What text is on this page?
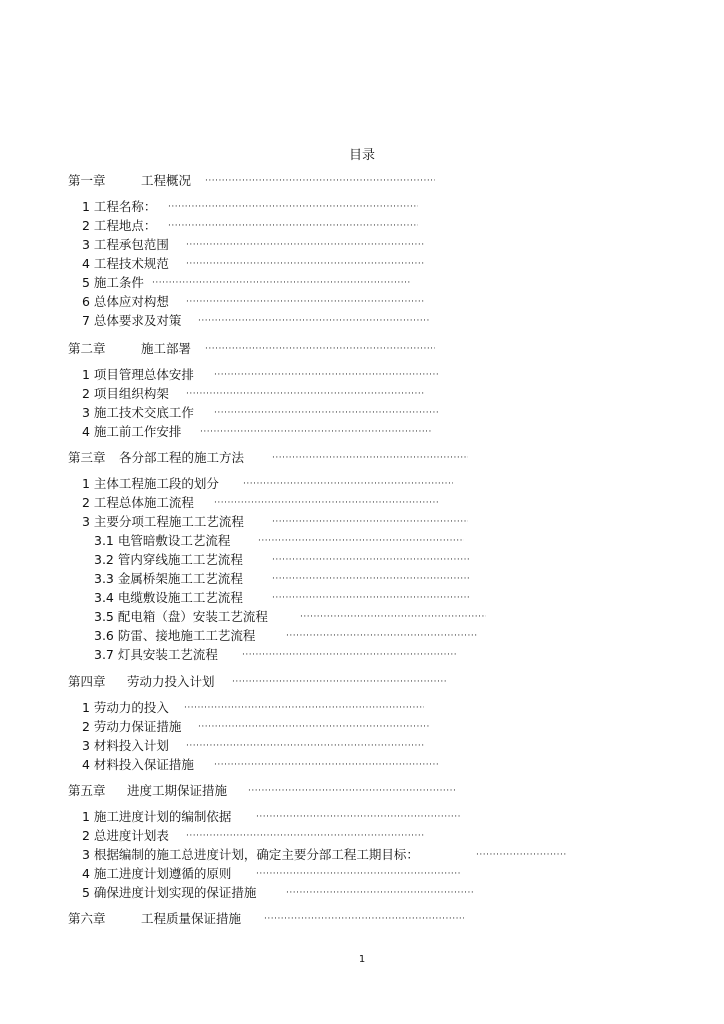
目录
第一章	工程概况
·····
1 工程名称：
·····
2 工程地点：
·····
3 工程承包范围
·····
4 工程技术规范
·····
5 施工条件
·····
6 总体应对构想
·····
7 总体要求及对策
·····
第二章	施工部署
·····
1 项目管理总体安排
·····
2 项目组织构架
·····
3 施工技术交底工作
·····
4 施工前工作安排
·····
第三章 各分部工程的施工方法
·····
1 主体工程施工段的划分
·····
2 工程总体施工流程
·····
3 主要分项工程施工工艺流程
·····
3.1 电管暗敷设工艺流程
·····
3.2 管内穿线施工工艺流程
·····
3.3 金属桥架施工工艺流程
·····
3.4 电缆敷设施工工艺流程
·····
3.5 配电箱（盘）安装工艺流程
·····
3.6 防雷、接地施工工艺流程
·····
3.7 灯具安装工艺流程
·····
第四章 劳动力投入计划
·····
1 劳动力的投入
·····
2 劳动力保证措施
·····
3 材料投入计划
·····
4 材料投入保证措施
·····
第五章 进度工期保证措施
·····
1 施工进度计划的编制依据
·····
2 总进度计划表
·····
3 根据编制的施工总进度计划，确定主要分部工程工期目标：
·····
4 施工进度计划遵循的原则
·····
5 确保进度计划实现的保证措施
·····
第六章	工程质量保证措施
·····
1
